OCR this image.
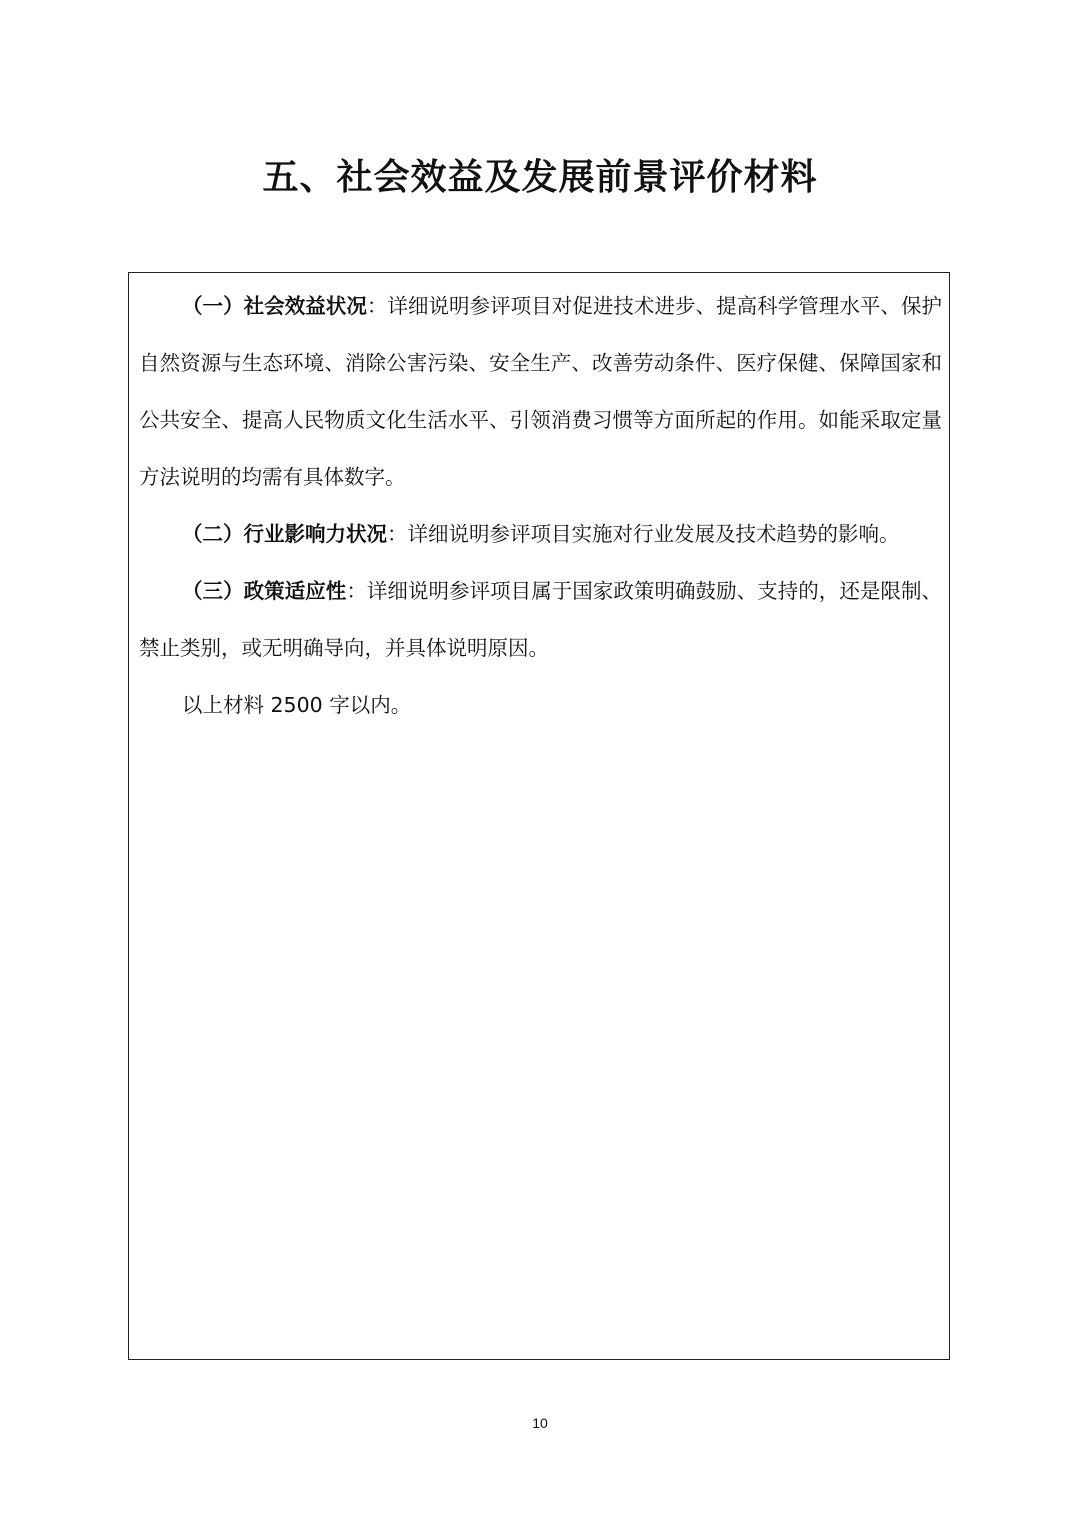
五、社会效益及发展前景评价材料

（一）社会效益状况：详细说明参评项目对促进技术进步、提高科学管理水平、保护自然资源与生态环境、消除公害污染、安全生产、改善劳动条件、医疗保健、保障国家和公共安全、提高人民物质文化生活水平、引领消费习惯等方面所起的作用。如能采取定量方法说明的均需有具体数字。

（二）行业影响力状况：详细说明参评项目实施对行业发展及技术趋势的影响。

（三）政策适应性：详细说明参评项目属于国家政策明确鼓励、支持的，还是限制、禁止类别，或无明确导向，并具体说明原因。

以上材料 2500 字以内。

10
